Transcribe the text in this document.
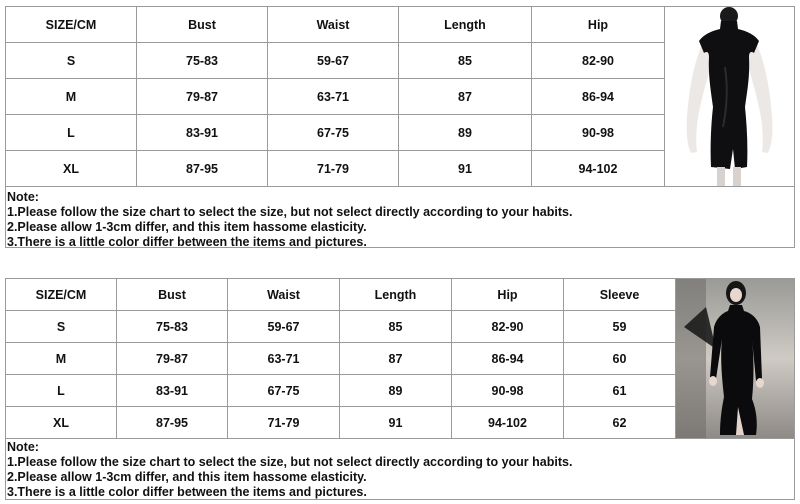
SIZE/CM	Bust	Waist	Length	Hip
S	75-83	59-67	85	82-90
M	79-87	63-71	87	86-94
L	83-91	67-75	89	90-98
XL	87-95	71-79	91	94-102
Note:
1.Please follow the size chart to select the size, but not select directly according to your habits.
2.Please allow 1-3cm differ, and this item hassome elasticity.
3.There is a little color differ between the items and pictures.
SIZE/CM	Bust	Waist	Length	Hip	Sleeve
S	75-83	59-67	85	82-90	59
M	79-87	63-71	87	86-94	60
L	83-91	67-75	89	90-98	61
XL	87-95	71-79	91	94-102	62
Note:
1.Please follow the size chart to select the size, but not select directly according to your habits.
2.Please allow 1-3cm differ, and this item hassome elasticity.
3.There is a little color differ between the items and pictures.
